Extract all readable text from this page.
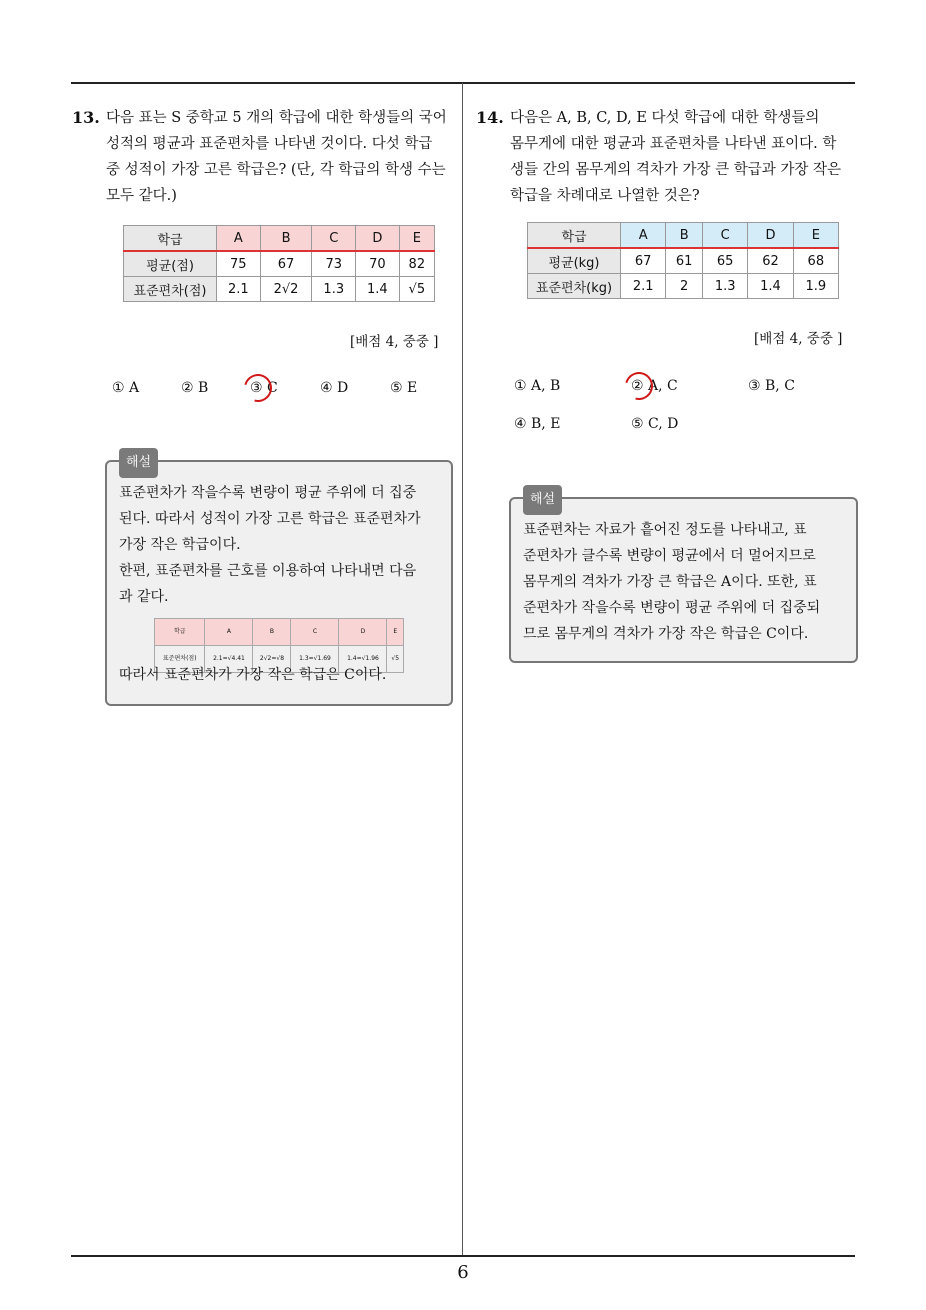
13. 다음 표는 S 중학교 5 개의 학급에 대한 학생들의 국어
성적의 평균과 표준편차를 나타낸 것이다. 다섯 학급
중 성적이 가장 고른 학급은? (단, 각 학급의 학생 수는
모두 같다.)
학급	A	B	C	D	E
평균(점)	75	67	73	70	82
표준편차(점)	2.1	2√2	1.3	1.4	√5
[배점 4, 중중 ]
① A	② B	③ C	④ D	⑤ E
해설
표준편차가 작을수록 변량이 평균 주위에 더 집중
된다. 따라서 성적이 가장 고른 학급은 표준편차가
가장 작은 학급이다.
한편, 표준편차를 근호를 이용하여 나타내면 다음
과 같다.
학급	A	B	C	D	E
표준편차(점)	2.1=√4.41	2√2=√8	1.3=√1.69	1.4=√1.96	√5
따라서 표준편차가 가장 작은 학급은 C이다.
14. 다음은 A, B, C, D, E 다섯 학급에 대한 학생들의
몸무게에 대한 평균과 표준편차를 나타낸 표이다. 학
생들 간의 몸무게의 격차가 가장 큰 학급과 가장 작은
학급을 차례대로 나열한 것은?
학급	A	B	C	D	E
평균(kg)	67	61	65	62	68
표준편차(kg)	2.1	2	1.3	1.4	1.9
[배점 4, 중중 ]
① A, B	② A, C	③ B, C
④ B, E	⑤ C, D
해설
표준편차는 자료가 흩어진 정도를 나타내고, 표
준편차가 클수록 변량이 평균에서 더 멀어지므로
몸무게의 격차가 가장 큰 학급은 A이다. 또한, 표
준편차가 작을수록 변량이 평균 주위에 더 집중되
므로 몸무게의 격차가 가장 작은 학급은 C이다.
6
